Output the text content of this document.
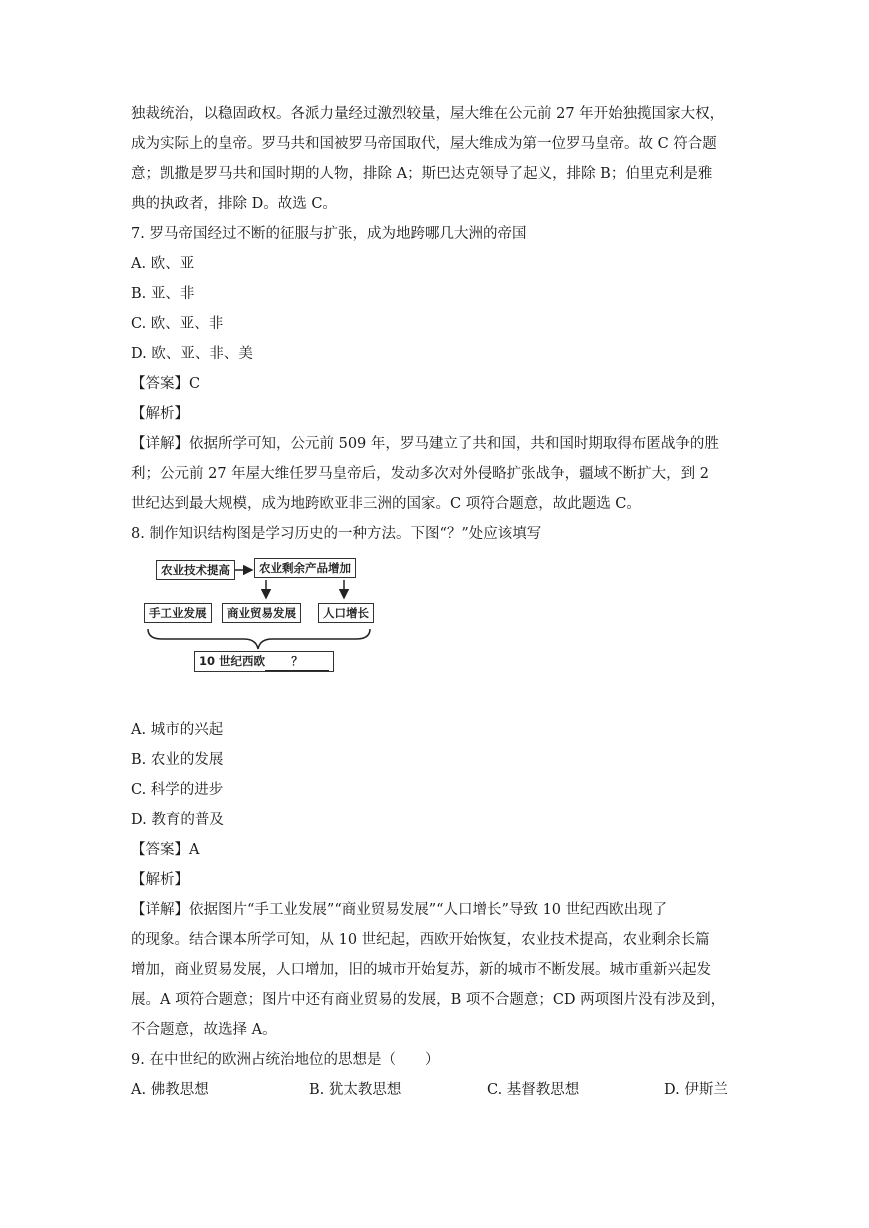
独裁统治，以稳固政权。各派力量经过激烈较量，屋大维在公元前 27 年开始独揽国家大权，
成为实际上的皇帝。罗马共和国被罗马帝国取代，屋大维成为第一位罗马皇帝。故 C 符合题
意；凯撒是罗马共和国时期的人物，排除 A；斯巴达克领导了起义，排除 B；伯里克利是雅
典的执政者，排除 D。故选 C。
7. 罗马帝国经过不断的征服与扩张，成为地跨哪几大洲的帝国
A. 欧、亚
B. 亚、非
C. 欧、亚、非
D. 欧、亚、非、美
【答案】C
【解析】
【详解】依据所学可知，公元前 509 年，罗马建立了共和国，共和国时期取得布匿战争的胜
利；公元前 27 年屋大维任罗马皇帝后，发动多次对外侵略扩张战争，疆域不断扩大，到 2
世纪达到最大规模，成为地跨欧亚非三洲的国家。C 项符合题意，故此题选 C。
8. 制作知识结构图是学习历史的一种方法。下图“？”处应该填写
农业技术提高	农业剩余产品增加
手工业发展	商业贸易发展	人口增长
10 世纪西欧 ？
A. 城市的兴起
B. 农业的发展
C. 科学的进步
D. 教育的普及
【答案】A
【解析】
【详解】依据图片“手工业发展”“商业贸易发展”“人口增长”导致 10 世纪西欧出现了
的现象。结合课本所学可知，从 10 世纪起，西欧开始恢复，农业技术提高，农业剩余长篇
增加，商业贸易发展，人口增加，旧的城市开始复苏，新的城市不断发展。城市重新兴起发
展。A 项符合题意；图片中还有商业贸易的发展，B 项不合题意；CD 两项图片没有涉及到，
不合题意，故选择 A。
9. 在中世纪的欧洲占统治地位的思想是（　　）
A. 佛教思想	B. 犹太教思想	C. 基督教思想	D. 伊斯兰
